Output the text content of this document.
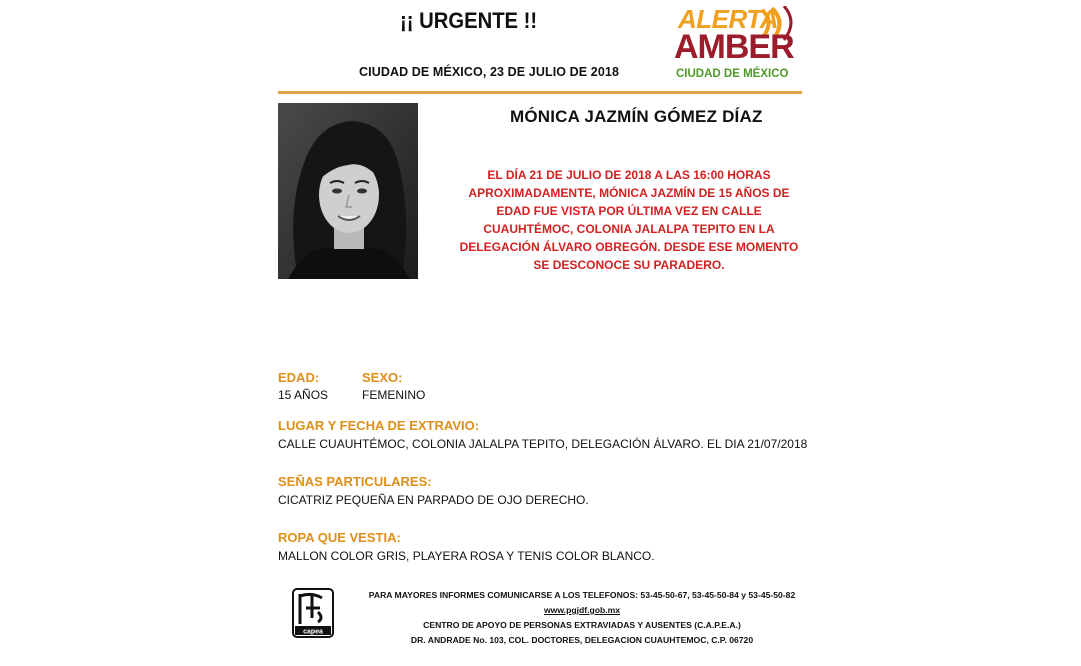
¡¡ URGENTE !!
CIUDAD DE MÉXICO, 23 DE JULIO DE 2018
ALERTA
AMBER
CIUDAD DE MÉXICO
MÓNICA JAZMÍN GÓMEZ DÍAZ
EL DÍA 21 DE JULIO DE 2018 A LAS 16:00 HORAS APROXIMADAMENTE, MÓNICA JAZMÍN DE 15 AÑOS DE EDAD FUE VISTA POR ÚLTIMA VEZ EN CALLE CUAUHTÉMOC, COLONIA JALALPA TEPITO EN LA DELEGACIÓN ÁLVARO OBREGÓN. DESDE ESE MOMENTO SE DESCONOCE SU PARADERO.
EDAD:
15 AÑOS
SEXO:
FEMENINO
LUGAR Y FECHA DE EXTRAVIO:
CALLE CUAUHTÉMOC, COLONIA JALALPA TEPITO, DELEGACIÓN ÁLVARO. EL DIA 21/07/2018
SEÑAS PARTICULARES:
CICATRIZ PEQUEÑA EN PARPADO DE OJO DERECHO.
ROPA QUE VESTIA:
MALLON COLOR GRIS, PLAYERA ROSA Y TENIS COLOR BLANCO.
capea
PARA MAYORES INFORMES COMUNICARSE A LOS TELEFONOS: 53-45-50-67, 53-45-50-84 y 53-45-50-82
www.pgjdf.gob.mx
CENTRO DE APOYO DE PERSONAS EXTRAVIADAS Y AUSENTES (C.A.P.E.A.)
DR. ANDRADE No. 103, COL. DOCTORES, DELEGACION CUAUHTEMOC, C.P. 06720
